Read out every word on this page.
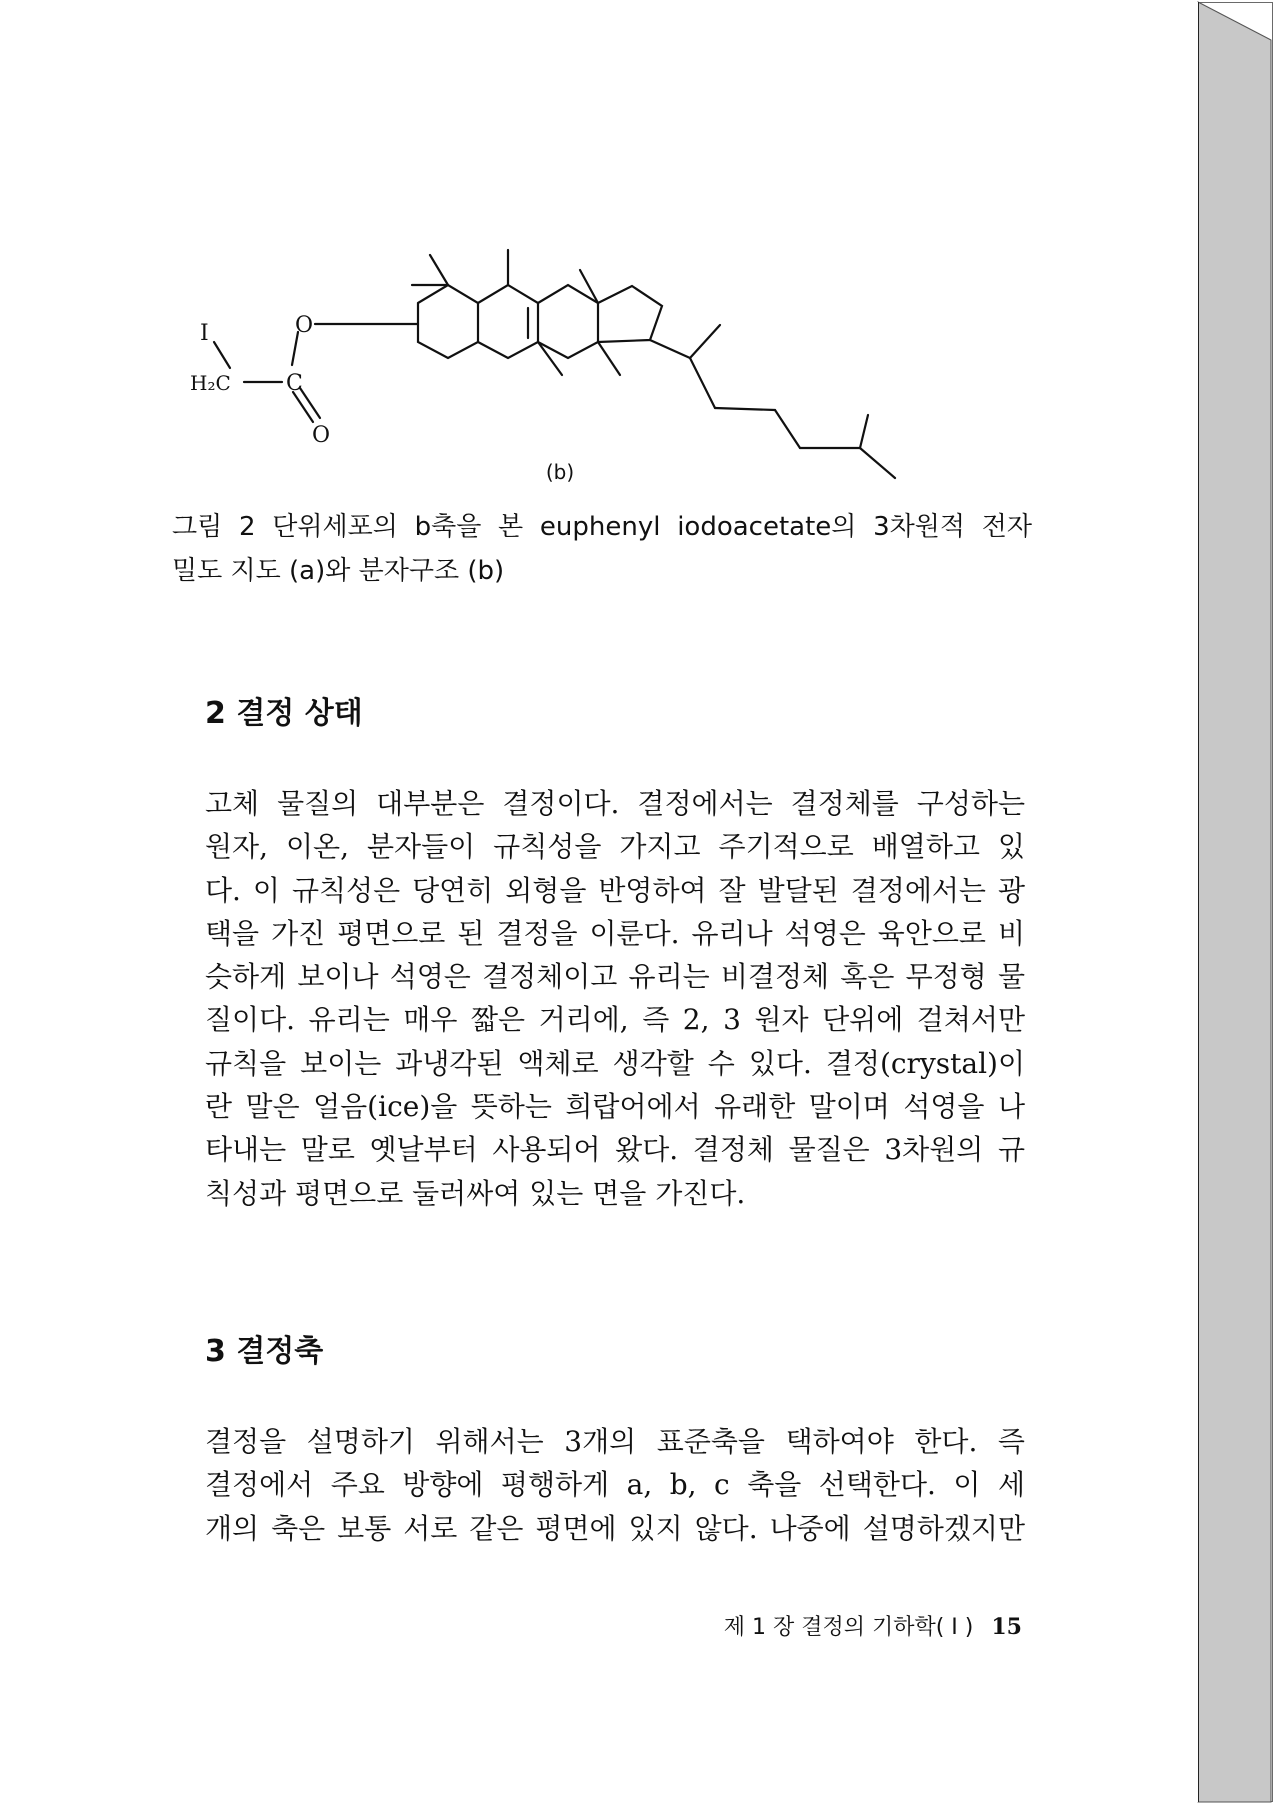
I
H₂C	C
O
O
(b)
그림 2 단위세포의 b축을 본 euphenyl iodoacetate의 3차원적 전자
밀도 지도 (a)와 분자구조 (b)
2 결정 상태
고체 물질의 대부분은 결정이다. 결정에서는 결정체를 구성하는
원자, 이온, 분자들이 규칙성을 가지고 주기적으로 배열하고 있
다. 이 규칙성은 당연히 외형을 반영하여 잘 발달된 결정에서는 광
택을 가진 평면으로 된 결정을 이룬다. 유리나 석영은 육안으로 비
슷하게 보이나 석영은 결정체이고 유리는 비결정체 혹은 무정형 물
질이다. 유리는 매우 짧은 거리에, 즉 2, 3 원자 단위에 걸쳐서만
규칙을 보이는 과냉각된 액체로 생각할 수 있다. 결정(crystal)이
란 말은 얼음(ice)을 뜻하는 희랍어에서 유래한 말이며 석영을 나
타내는 말로 옛날부터 사용되어 왔다. 결정체 물질은 3차원의 규
칙성과 평면으로 둘러싸여 있는 면을 가진다.
3 결정축
결정을 설명하기 위해서는 3개의 표준축을 택하여야 한다. 즉
결정에서 주요 방향에 평행하게 a, b, c 축을 선택한다. 이 세
개의 축은 보통 서로 같은 평면에 있지 않다. 나중에 설명하겠지만
제 1 장 결정의 기하학( I ) 15
